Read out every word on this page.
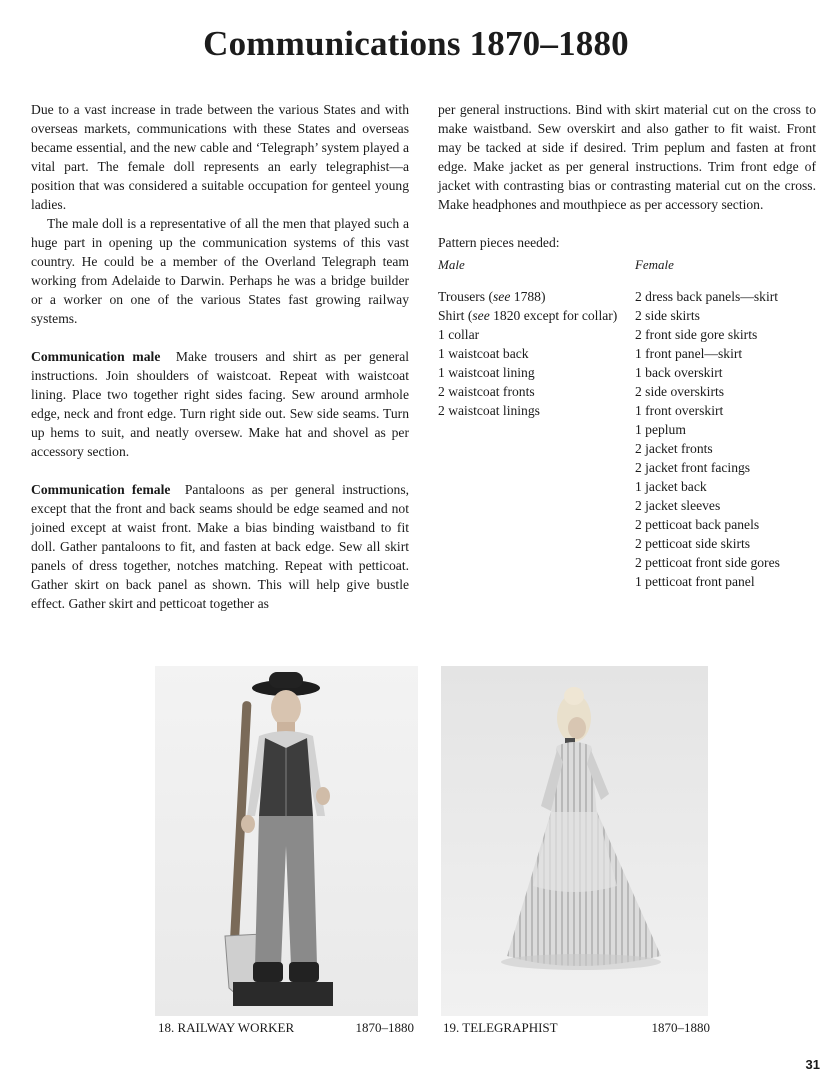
Communications 1870–1880

Due to a vast increase in trade between the various States and with overseas markets, communications with these States and overseas became essential, and the new cable and ‘Telegraph’ system played a vital part. The female doll represents an early telegraphist—a position that was considered a suitable occupation for genteel young ladies.

The male doll is a representative of all the men that played such a huge part in opening up the communication systems of this vast country. He could be a member of the Overland Telegraph team working from Adelaide to Darwin. Perhaps he was a bridge builder or a worker on one of the various States fast growing railway systems.

Communication male Make trousers and shirt as per general instructions. Join shoulders of waistcoat. Repeat with waistcoat lining. Place two together right sides facing. Sew around armhole edge, neck and front edge. Turn right side out. Sew side seams. Turn up hems to suit, and neatly oversew. Make hat and shovel as per accessory section.

Communication female Pantaloons as per general instructions, except that the front and back seams should be edge seamed and not joined except at waist front. Make a bias binding waistband to fit doll. Gather pantaloons to fit, and fasten at back edge. Sew all skirt panels of dress together, notches matching. Repeat with petticoat. Gather skirt on back panel as shown. This will help give bustle effect. Gather skirt and petticoat together as

per general instructions. Bind with skirt material cut on the cross to make waistband. Sew overskirt and also gather to fit waist. Front may be tacked at side if desired. Trim peplum and fasten at front edge. Make jacket as per general instructions. Trim front edge of jacket with contrasting bias or contrasting material cut on the cross. Make headphones and mouthpiece as per accessory section.

Pattern pieces needed:

Male
Trousers (see 1788)
Shirt (see 1820 except for collar)
1 collar
1 waistcoat back
1 waistcoat lining
2 waistcoat fronts
2 waistcoat linings
Female
2 dress back panels—skirt
2 side skirts
2 front side gore skirts
1 front panel—skirt
1 back overskirt
2 side overskirts
1 front overskirt
1 peplum
2 jacket fronts
2 jacket front facings
1 jacket back
2 jacket sleeves
2 petticoat back panels
2 petticoat side skirts
2 petticoat front side gores
1 petticoat front panel
18. RAILWAY WORKER	1870–1880 19. TELEGRAPHIST	1870–1880
31
